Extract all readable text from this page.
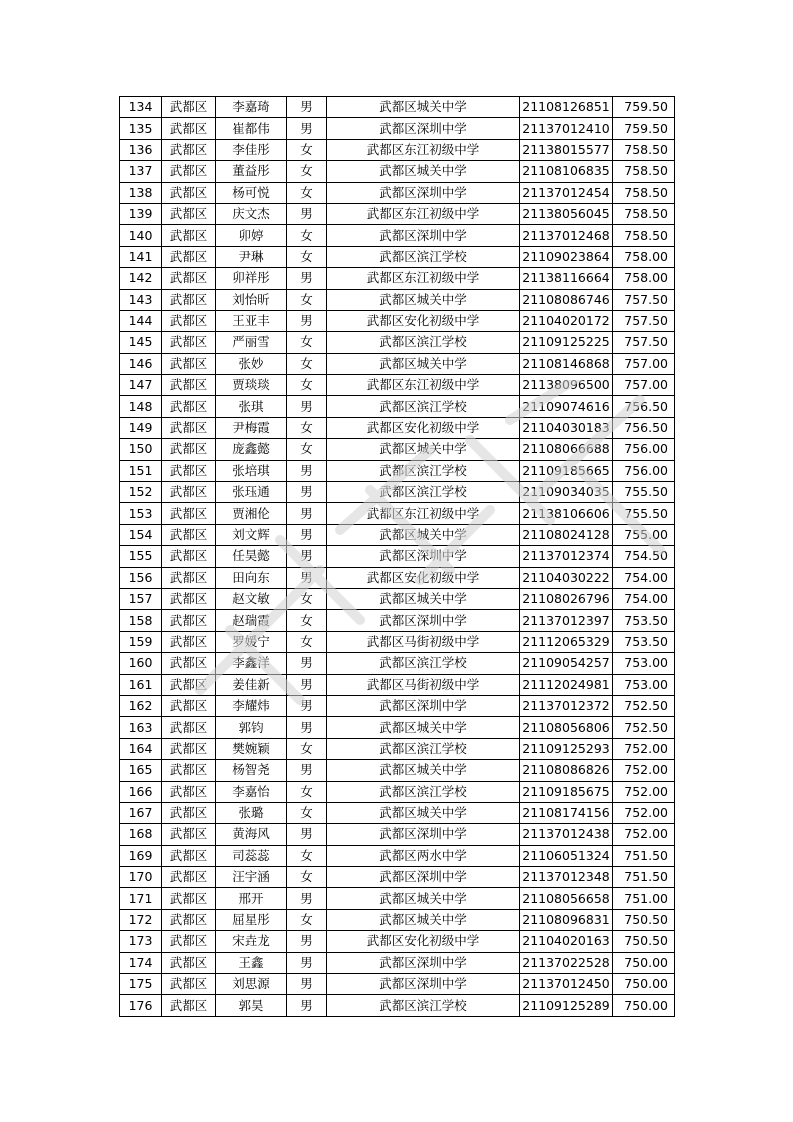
134	武都区	李嘉琦	男	武都区城关中学	21108126851	759.50
135	武都区	崔都伟	男	武都区深圳中学	21137012410	759.50
136	武都区	李佳彤	女	武都区东江初级中学	21138015577	758.50
137	武都区	董益彤	女	武都区城关中学	21108106835	758.50
138	武都区	杨可悦	女	武都区深圳中学	21137012454	758.50
139	武都区	庆文杰	男	武都区东江初级中学	21138056045	758.50
140	武都区	卯婷	女	武都区深圳中学	21137012468	758.50
141	武都区	尹琳	女	武都区滨江学校	21109023864	758.00
142	武都区	卯祥彤	男	武都区东江初级中学	21138116664	758.00
143	武都区	刘怡昕	女	武都区城关中学	21108086746	757.50
144	武都区	王亚丰	男	武都区安化初级中学	21104020172	757.50
145	武都区	严丽雪	女	武都区滨江学校	21109125225	757.50
146	武都区	张妙	女	武都区城关中学	21108146868	757.00
147	武都区	贾琰琰	女	武都区东江初级中学	21138096500	757.00
148	武都区	张琪	男	武都区滨江学校	21109074616	756.50
149	武都区	尹梅霞	女	武都区安化初级中学	21104030183	756.50
150	武都区	庞鑫懿	女	武都区城关中学	21108066688	756.00
151	武都区	张培琪	男	武都区滨江学校	21109185665	756.00
152	武都区	张珏通	男	武都区滨江学校	21109034035	755.50
153	武都区	贾湘伦	男	武都区东江初级中学	21138106606	755.50
154	武都区	刘文辉	男	武都区城关中学	21108024128	755.00
155	武都区	任昊懿	男	武都区深圳中学	21137012374	754.50
156	武都区	田向东	男	武都区安化初级中学	21104030222	754.00
157	武都区	赵文敏	女	武都区城关中学	21108026796	754.00
158	武都区	赵瑞霞	女	武都区深圳中学	21137012397	753.50
159	武都区	罗媛宁	女	武都区马街初级中学	21112065329	753.50
160	武都区	李鑫洋	男	武都区滨江学校	21109054257	753.00
161	武都区	姜佳新	男	武都区马街初级中学	21112024981	753.00
162	武都区	李耀炜	男	武都区深圳中学	21137012372	752.50
163	武都区	郭钧	男	武都区城关中学	21108056806	752.50
164	武都区	樊婉颖	女	武都区滨江学校	21109125293	752.00
165	武都区	杨智尧	男	武都区城关中学	21108086826	752.00
166	武都区	李嘉怡	女	武都区滨江学校	21109185675	752.00
167	武都区	张璐	女	武都区城关中学	21108174156	752.00
168	武都区	黄海风	男	武都区深圳中学	21137012438	752.00
169	武都区	司蕊蕊	女	武都区两水中学	21106051324	751.50
170	武都区	汪宇涵	女	武都区深圳中学	21137012348	751.50
171	武都区	邢开	男	武都区城关中学	21108056658	751.00
172	武都区	屈星彤	女	武都区城关中学	21108096831	750.50
173	武都区	宋垚龙	男	武都区安化初级中学	21104020163	750.50
174	武都区	王鑫	男	武都区深圳中学	21137022528	750.00
175	武都区	刘思源	男	武都区深圳中学	21137012450	750.00
176	武都区	郭昊	男	武都区滨江学校	21109125289	750.00
